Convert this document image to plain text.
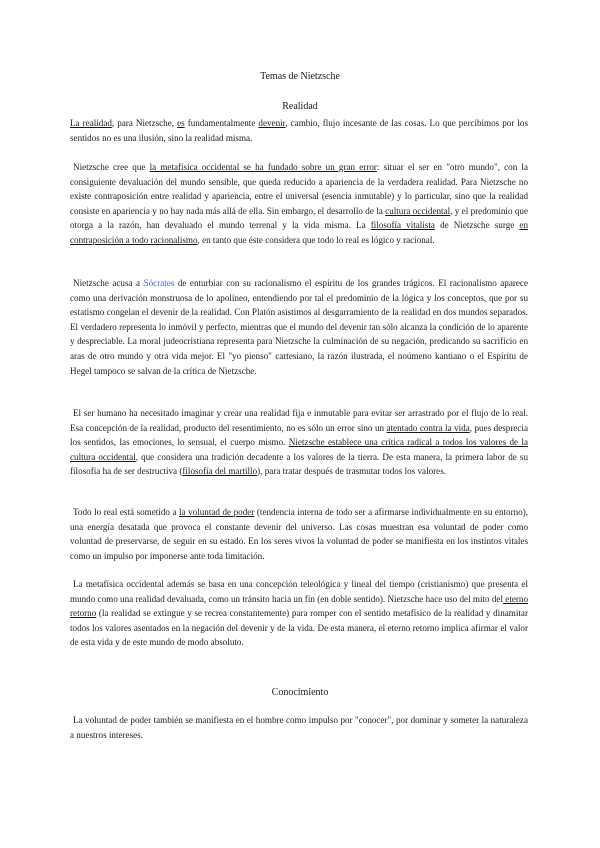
Temas de Nietzsche
Realidad

La realidad, para Nietzsche, es fundamentalmente devenir, cambio, flujo incesante de las cosas. Lo que percibimos por los sentidos no es una ilusión, sino la realidad misma.

Nietzsche cree que la metafísica occidental se ha fundado sobre un gran error: situar el ser en "otro mundo", con la consiguiente devaluación del mundo sensible, que queda reducido a apariencia de la verdadera realidad. Para Nietzsche no existe contraposición entre realidad y apariencia, entre el universal (esencia inmutable) y lo particular, sino que la realidad consiste en apariencia y no hay nada más allá de ella. Sin embargo, el desarrollo de la cultura occidental, y el predominio que otorga a la razón, han devaluado el mundo terrenal y la vida misma. La filosofía vitalista de Nietzsche surge en contraposición a todo racionalismo, en tanto que éste considera que todo lo real es lógico y racional.

Nietzsche acusa a Sócrates de enturbiar con su racionalismo el espíritu de los grandes trágicos. El racionalismo aparece como una derivación monstruosa de lo apolíneo, entendiendo por tal el predominio de la lógica y los conceptos, que por su estatismo congelan el devenir de la realidad. Con Platón asistimos al desgarramiento de la realidad en dos mundos separados. El verdadero representa lo inmóvil y perfecto, mientras que el mundo del devenir tan sólo alcanza la condición de lo aparente y despreciable. La moral judeocristiana representa para Nietzsche la culminación de su negación, predicando su sacrificio en aras de otro mundo y otra vida mejor. El "yo pienso" cartesiano, la razón ilustrada, el noúmeno kantiano o el Espíritu de Hegel tampoco se salvan de la crítica de Nietzsche.

El ser humano ha necesitado imaginar y crear una realidad fija e inmutable para evitar ser arrastrado por el flujo de lo real. Esa concepción de la realidad, producto del resentimiento, no es sólo un error sino un atentado contra la vida, pues desprecia los sentidos, las emociones, lo sensual, el cuerpo mismo. Nietzsche establece una crítica radical a todos los valores de la cultura occidental, que considera una tradición decadente a los valores de la tierra. De esta manera, la primera labor de su filosofía ha de ser destructiva (filosofía del martillo), para tratar después de trasmutar todos los valores.

Todo lo real está sometido a la voluntad de poder (tendencia interna de todo ser a afirmarse individualmente en su entorno), una energía desatada que provoca el constante devenir del universo. Las cosas muestran esa voluntad de poder como voluntad de preservarse, de seguir en su estado. En los seres vivos la voluntad de poder se manifiesta en los instintos vitales como un impulso por imponerse ante toda limitación.

La metafísica occidental además se basa en una concepción teleológica y lineal del tiempo (cristianismo) que presenta el mundo como una realidad devaluada, como un tránsito hacia un fin (en doble sentido). Nietzsche hace uso del mito del eterno retorno (la realidad se extingue y se recrea constantemente) para romper con el sentido metafísico de la realidad y dinamitar todos los valores asentados en la negación del devenir y de la vida. De esta manera, el eterno retorno implica afirmar el valor de esta vida y de este mundo de modo absoluto.

Conocimiento

La voluntad de poder también se manifiesta en el hombre como impulso por "conocer", por dominar y someter la naturaleza a nuestros intereses.
